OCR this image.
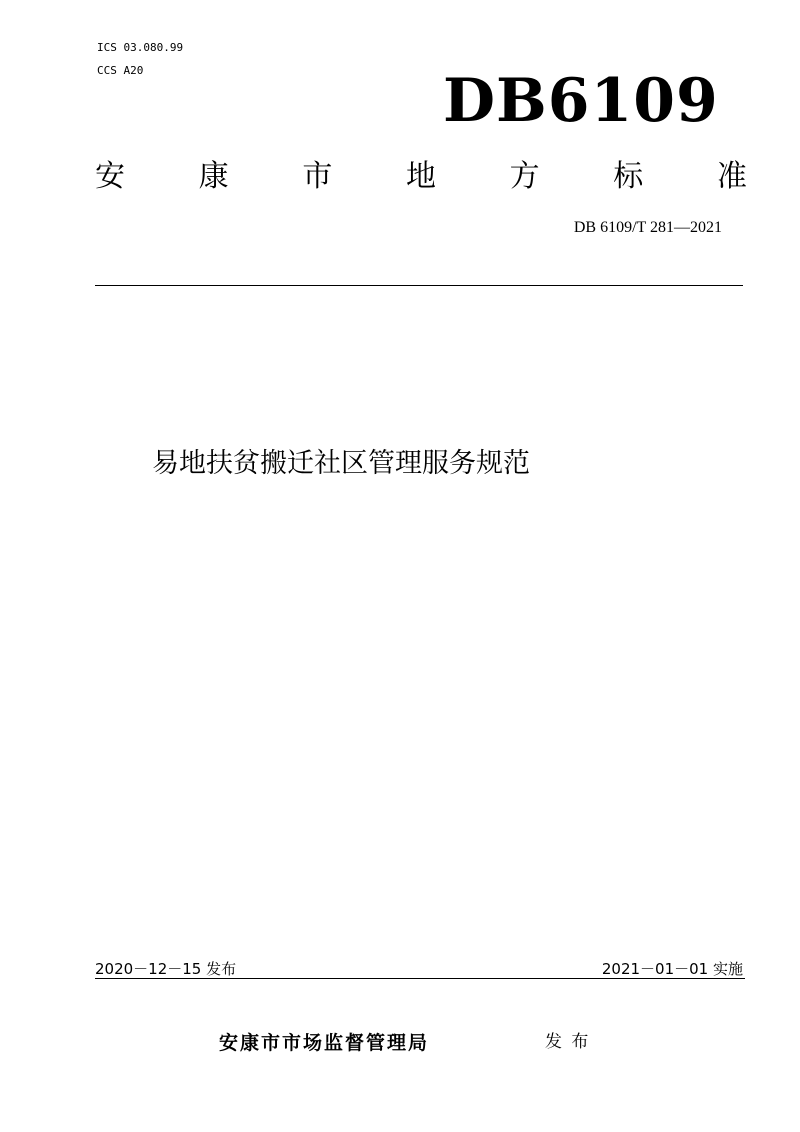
ICS 03.080.99
CCS A20	DB6109
安 康 市 地 方 标 准
DB 6109/T 281—2021
易地扶贫搬迁社区管理服务规范
2020－12－15 发布	2021－01－01 实施
安康市市场监督管理局	发 布
